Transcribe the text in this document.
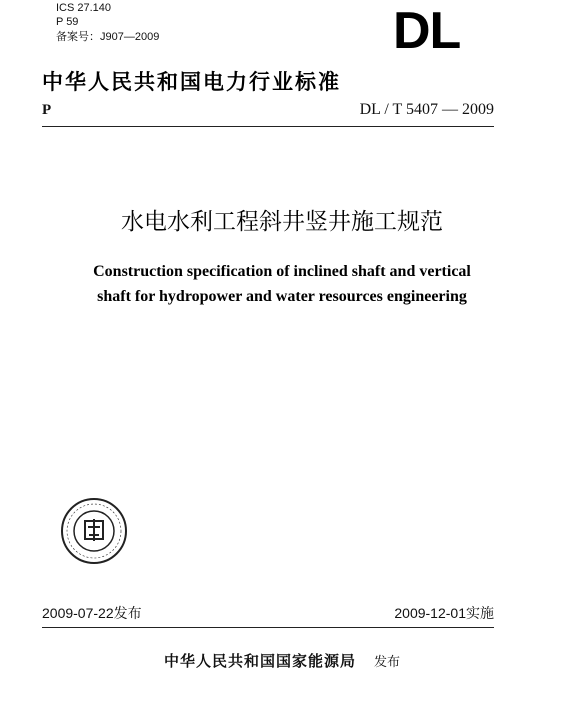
ICS 27.140
P 59
备案号：J907—2009	DL
中华人民共和国电力行业标准
P	DL / T 5407 — 2009
水电水利工程斜井竖井施工规范
Construction specification of inclined shaft and vertical
shaft for hydropower and water resources engineering
2009-07-22发布	2009-12-01实施
中华人民共和国国家能源局 发布
